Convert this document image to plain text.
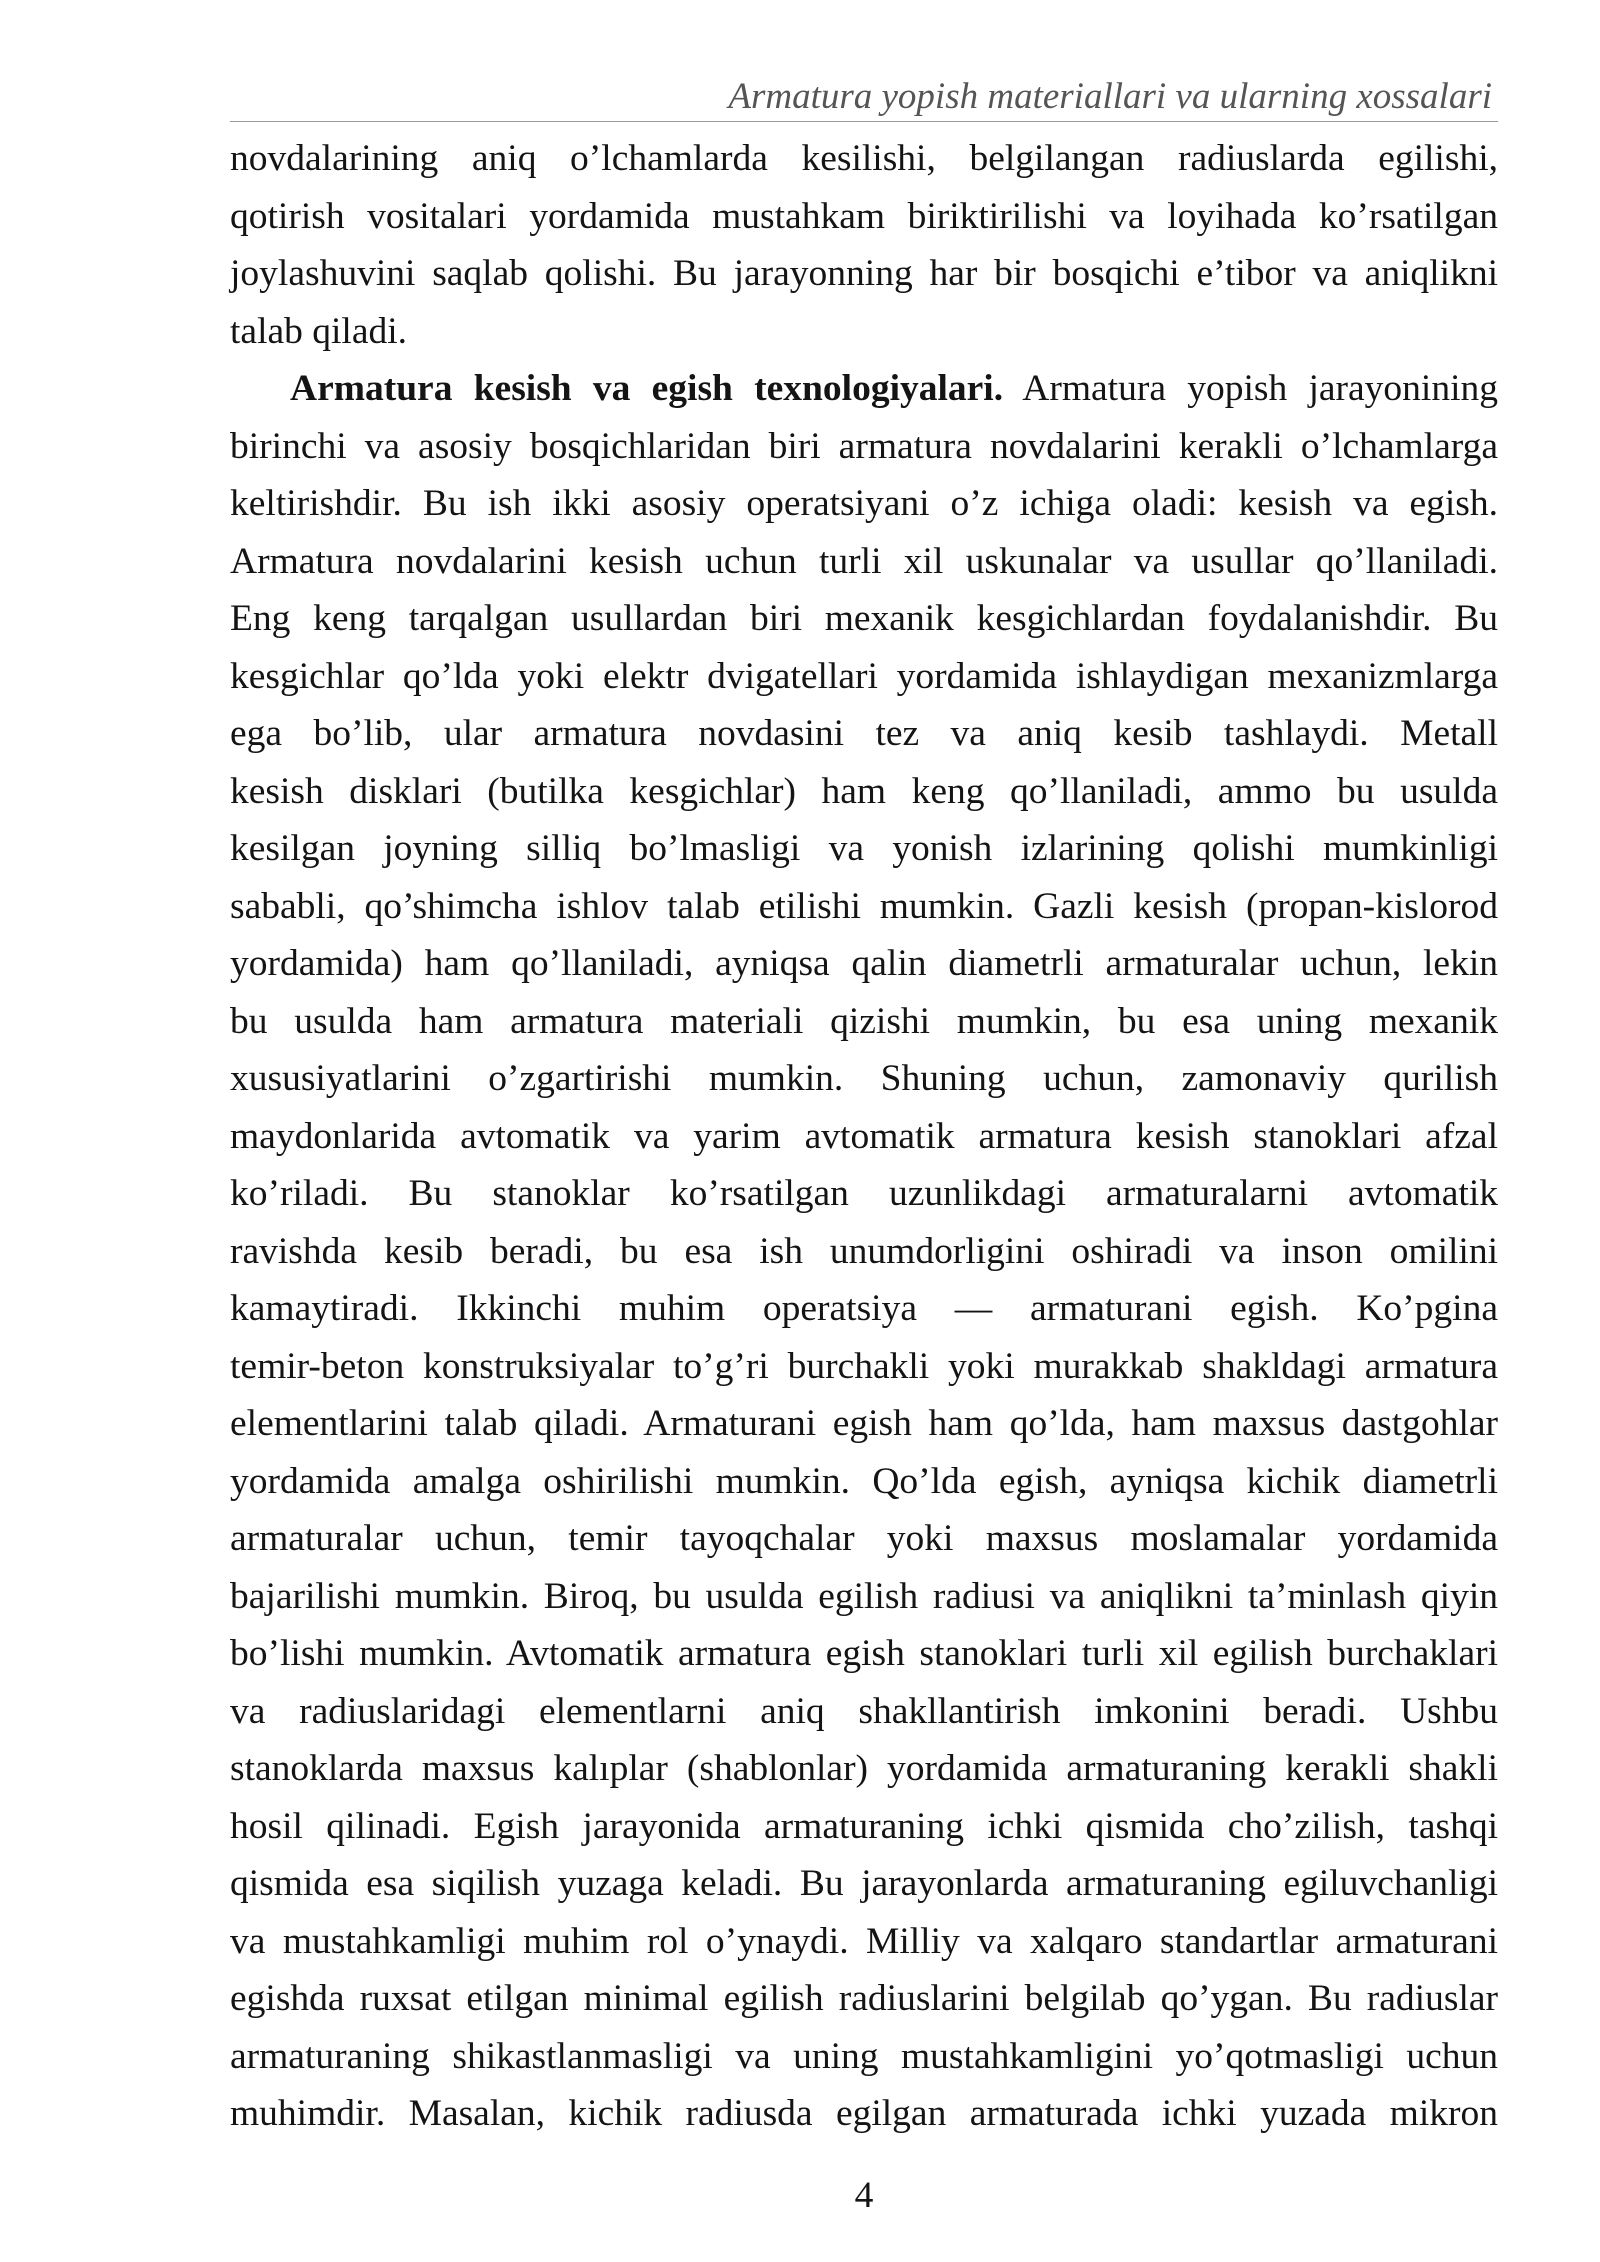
Armatura yopish materiallari va ularning xossalari
novdalarining aniq o’lchamlarda kesilishi, belgilangan radiuslarda egilishi,
qotirish vositalari yordamida mustahkam biriktirilishi va loyihada ko’rsatilgan
joylashuvini saqlab qolishi. Bu jarayonning har bir bosqichi e’tibor va aniqlikni
talab qiladi.
Armatura kesish va egish texnologiyalari. Armatura yopish jarayonining
birinchi va asosiy bosqichlaridan biri armatura novdalarini kerakli o’lchamlarga
keltirishdir. Bu ish ikki asosiy operatsiyani o’z ichiga oladi: kesish va egish.
Armatura novdalarini kesish uchun turli xil uskunalar va usullar qo’llaniladi.
Eng keng tarqalgan usullardan biri mexanik kesgichlardan foydalanishdir. Bu
kesgichlar qo’lda yoki elektr dvigatellari yordamida ishlaydigan mexanizmlarga
ega bo’lib, ular armatura novdasini tez va aniq kesib tashlaydi. Metall
kesish disklari (butilka kesgichlar) ham keng qo’llaniladi, ammo bu usulda
kesilgan joyning silliq bo’lmasligi va yonish izlarining qolishi mumkinligi
sababli, qo’shimcha ishlov talab etilishi mumkin. Gazli kesish (propan-kislorod
yordamida) ham qo’llaniladi, ayniqsa qalin diametrli armaturalar uchun, lekin
bu usulda ham armatura materiali qizishi mumkin, bu esa uning mexanik
xususiyatlarini o’zgartirishi mumkin. Shuning uchun, zamonaviy qurilish
maydonlarida avtomatik va yarim avtomatik armatura kesish stanoklari afzal
ko’riladi. Bu stanoklar ko’rsatilgan uzunlikdagi armaturalarni avtomatik
ravishda kesib beradi, bu esa ish unumdorligini oshiradi va inson omilini
kamaytiradi. Ikkinchi muhim operatsiya — armaturani egish. Ko’pgina
temir-beton konstruksiyalar to’g’ri burchakli yoki murakkab shakldagi armatura
elementlarini talab qiladi. Armaturani egish ham qo’lda, ham maxsus dastgohlar
yordamida amalga oshirilishi mumkin. Qo’lda egish, ayniqsa kichik diametrli
armaturalar uchun, temir tayoqchalar yoki maxsus moslamalar yordamida
bajarilishi mumkin. Biroq, bu usulda egilish radiusi va aniqlikni ta’minlash qiyin
bo’lishi mumkin. Avtomatik armatura egish stanoklari turli xil egilish burchaklari
va radiuslaridagi elementlarni aniq shakllantirish imkonini beradi. Ushbu
stanoklarda maxsus kalıplar (shablonlar) yordamida armaturaning kerakli shakli
hosil qilinadi. Egish jarayonida armaturaning ichki qismida cho’zilish, tashqi
qismida esa siqilish yuzaga keladi. Bu jarayonlarda armaturaning egiluvchanligi
va mustahkamligi muhim rol o’ynaydi. Milliy va xalqaro standartlar armaturani
egishda ruxsat etilgan minimal egilish radiuslarini belgilab qo’ygan. Bu radiuslar
armaturaning shikastlanmasligi va uning mustahkamligini yo’qotmasligi uchun
muhimdir. Masalan, kichik radiusda egilgan armaturada ichki yuzada mikron
4
